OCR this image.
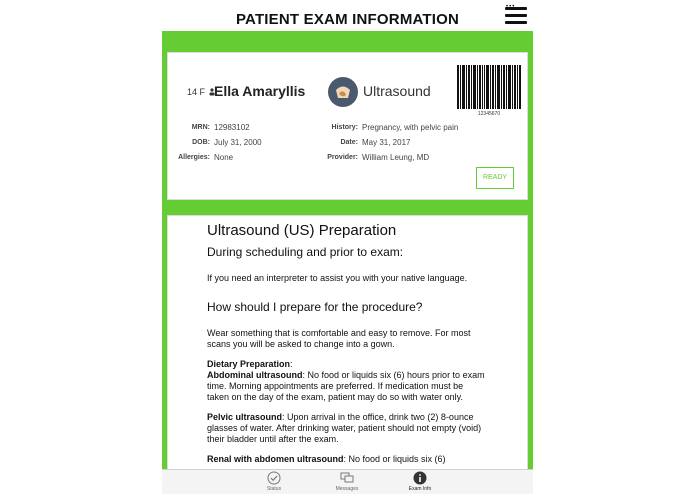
PATIENT EXAM INFORMATION
14 F Ella Amaryllis	Ultrasound
12345670
MRN: 12983102
DOB: July 31, 2000
Allergies: None
History: Pregnancy, with pelvic pain
Date: May 31, 2017
Provider: William Leung, MD
READY
Ultrasound (US) Preparation
During scheduling and prior to exam:
If you need an interpreter to assist you with your native language.
How should I prepare for the procedure?
Wear something that is comfortable and easy to remove. For most scans you will be asked to change into a gown.
Dietary Preparation:
Abdominal ultrasound: No food or liquids six (6) hours prior to exam time. Morning appointments are preferred. If medication must be taken on the day of the exam, patient may do so with water only.
Pelvic ultrasound: Upon arrival in the office, drink two (2) 8-ounce glasses of water. After drinking water, patient should not empty (void) their bladder until after the exam.
Renal with abdomen ultrasound: No food or liquids six (6)
Status	Messages	Exam Info
